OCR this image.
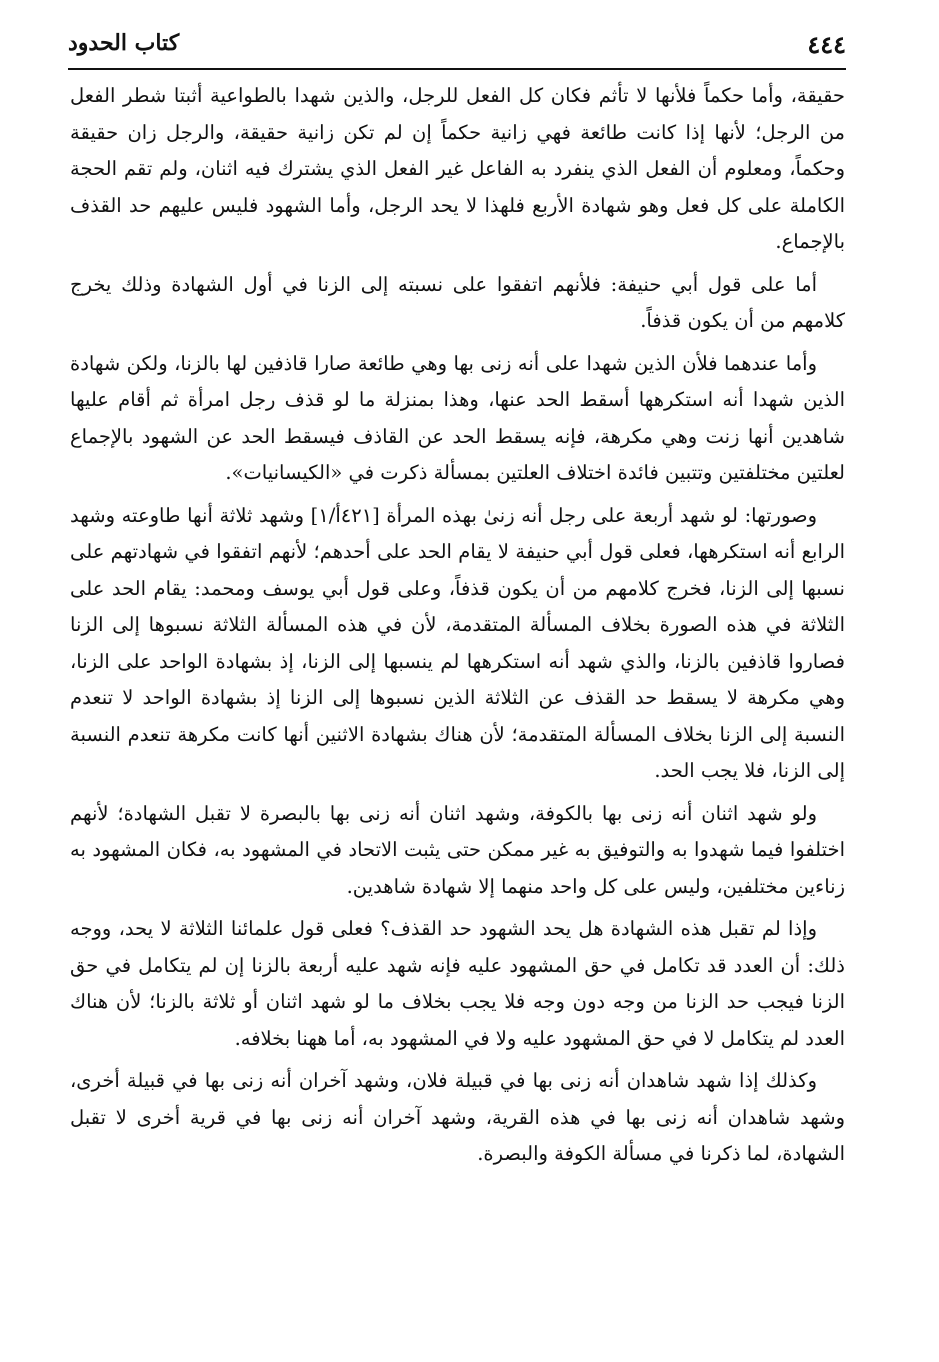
٤٤٤
كتاب الحدود

حقيقة، وأما حكماً فلأنها لا تأثم فكان كل الفعل للرجل، والذين شهدا بالطواعية أثبتا شطر الفعل من الرجل؛ لأنها إذا كانت طائعة فهي زانية حكماً إن لم تكن زانية حقيقة، والرجل زان حقيقة وحكماً، ومعلوم أن الفعل الذي ينفرد به الفاعل غير الفعل الذي يشترك فيه اثنان، ولم تقم الحجة الكاملة على كل فعل وهو شهادة الأربع فلهذا لا يحد الرجل، وأما الشهود فليس عليهم حد القذف بالإجماع.

أما على قول أبي حنيفة: فلأنهم اتفقوا على نسبته إلى الزنا في أول الشهادة وذلك يخرج كلامهم من أن يكون قذفاً.

وأما عندهما فلأن الذين شهدا على أنه زنى بها وهي طائعة صارا قاذفين لها بالزنا، ولكن شهادة الذين شهدا أنه استكرهها أسقط الحد عنها، وهذا بمنزلة ما لو قذف رجل امرأة ثم أقام عليها شاهدين أنها زنت وهي مكرهة، فإنه يسقط الحد عن القاذف فيسقط الحد عن الشهود بالإجماع لعلتين مختلفتين وتتبين فائدة اختلاف العلتين بمسألة ذكرت في «الكيسانيات».

وصورتها: لو شهد أربعة على رجل أنه زنىٰ بهذه المرأة [٤٢١أ/١] وشهد ثلاثة أنها طاوعته وشهد الرابع أنه استكرهها، فعلى قول أبي حنيفة لا يقام الحد على أحدهم؛ لأنهم اتفقوا في شهادتهم على نسبها إلى الزنا، فخرج كلامهم من أن يكون قذفاً، وعلى قول أبي يوسف ومحمد: يقام الحد على الثلاثة في هذه الصورة بخلاف المسألة المتقدمة، لأن في هذه المسألة الثلاثة نسبوها إلى الزنا فصاروا قاذفين بالزنا، والذي شهد أنه استكرهها لم ينسبها إلى الزنا، إذ بشهادة الواحد على الزنا، وهي مكرهة لا يسقط حد القذف عن الثلاثة الذين نسبوها إلى الزنا إذ بشهادة الواحد لا تنعدم النسبة إلى الزنا بخلاف المسألة المتقدمة؛ لأن هناك بشهادة الاثنين أنها كانت مكرهة تنعدم النسبة إلى الزنا، فلا يجب الحد.

ولو شهد اثنان أنه زنى بها بالكوفة، وشهد اثنان أنه زنى بها بالبصرة لا تقبل الشهادة؛ لأنهم اختلفوا فيما شهدوا به والتوفيق به غير ممكن حتى يثبت الاتحاد في المشهود به، فكان المشهود به زناءين مختلفين، وليس على كل واحد منهما إلا شهادة شاهدين.

وإذا لم تقبل هذه الشهادة هل يحد الشهود حد القذف؟ فعلى قول علمائنا الثلاثة لا يحد، ووجه ذلك: أن العدد قد تكامل في حق المشهود عليه فإنه شهد عليه أربعة بالزنا إن لم يتكامل في حق الزنا فيجب حد الزنا من وجه دون وجه فلا يجب بخلاف ما لو شهد اثنان أو ثلاثة بالزنا؛ لأن هناك العدد لم يتكامل لا في حق المشهود عليه ولا في المشهود به، أما ههنا بخلافه.

وكذلك إذا شهد شاهدان أنه زنى بها في قبيلة فلان، وشهد آخران أنه زنى بها في قبيلة أخرى، وشهد شاهدان أنه زنى بها في هذه القرية، وشهد آخران أنه زنى بها في قرية أخرى لا تقبل الشهادة، لما ذكرنا في مسألة الكوفة والبصرة.
